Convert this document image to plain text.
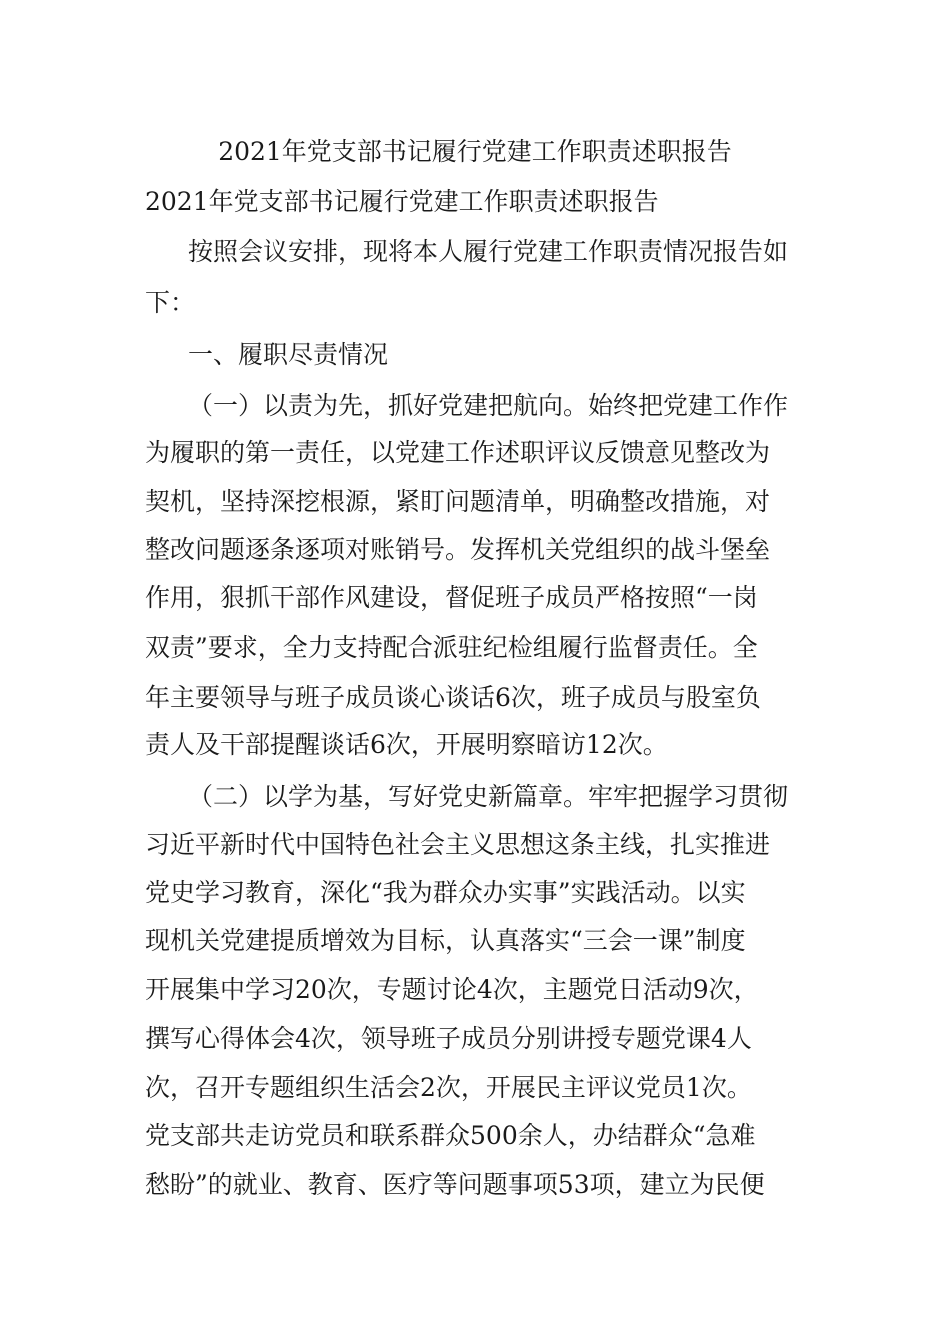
2021年党支部书记履行党建工作职责述职报告
2021年党支部书记履行党建工作职责述职报告
按照会议安排，现将本人履行党建工作职责情况报告如
下：
一、履职尽责情况
（一）以责为先，抓好党建把航向。始终把党建工作作
为履职的第一责任，以党建工作述职评议反馈意见整改为
契机，坚持深挖根源，紧盯问题清单，明确整改措施，对
整改问题逐条逐项对账销号。发挥机关党组织的战斗堡垒
作用，狠抓干部作风建设，督促班子成员严格按照“一岗
双责”要求，全力支持配合派驻纪检组履行监督责任。全
年主要领导与班子成员谈心谈话6次，班子成员与股室负
责人及干部提醒谈话6次，开展明察暗访12次。
（二）以学为基，写好党史新篇章。牢牢把握学习贯彻
习近平新时代中国特色社会主义思想这条主线，扎实推进
党史学习教育，深化“我为群众办实事”实践活动。以实
现机关党建提质增效为目标，认真落实“三会一课”制度
开展集中学习20次，专题讨论4次，主题党日活动9次，
撰写心得体会4次，领导班子成员分别讲授专题党课4人
次，召开专题组织生活会2次，开展民主评议党员1次。
党支部共走访党员和联系群众500余人，办结群众“急难
愁盼”的就业、教育、医疗等问题事项53项，建立为民便
